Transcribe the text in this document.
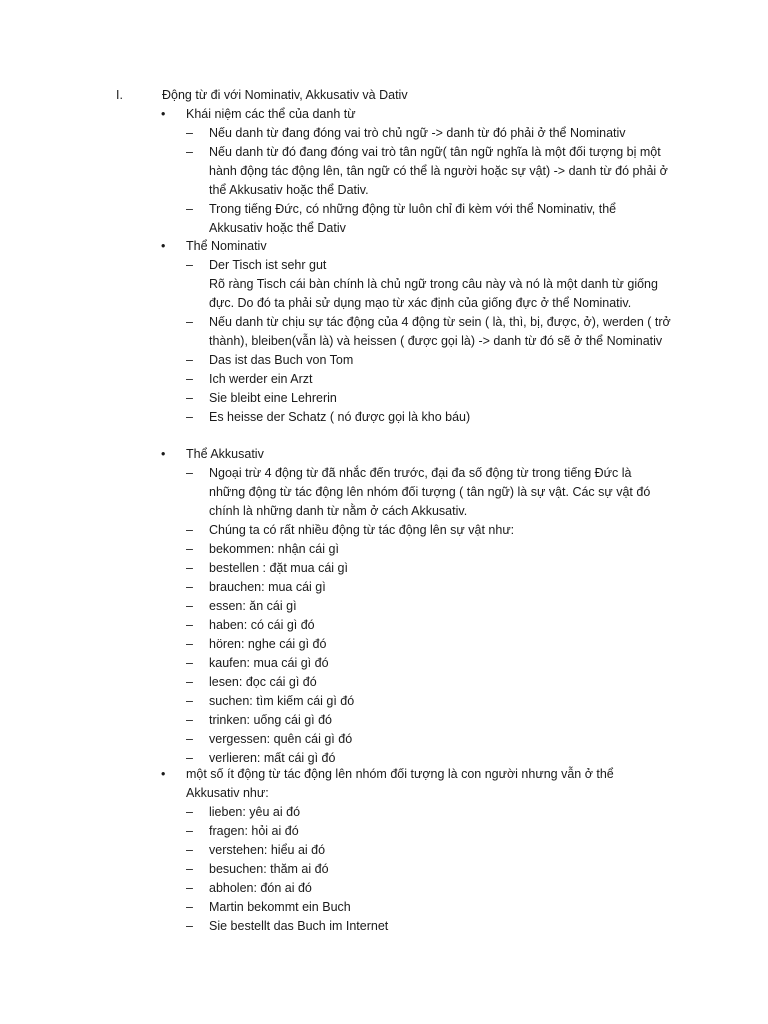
I.	Động từ đi với Nominativ, Akkusativ và Dativ
•	Khái niệm các thể của danh từ
–	Nếu danh từ đang đóng vai trò chủ ngữ -> danh từ đó phải ở thể Nominativ
–	Nếu danh từ đó đang đóng vai trò tân ngữ( tân ngữ nghĩa là một đối tượng bị một hành động tác động lên, tân ngữ có thể là người hoặc sự vật) -> danh từ đó phải ở thể Akkusativ hoặc thể Dativ.
–	Trong tiếng Đức, có những động từ luôn chỉ đi kèm với thể Nominativ, thể Akkusativ hoặc thể Dativ
•	Thể Nominativ
–	Der Tisch ist sehr gut
Rõ ràng Tisch cái bàn chính là chủ ngữ trong câu này và nó là một danh từ giống đực. Do đó ta phải sử dụng mạo từ xác định của giống đực ở thể Nominativ.
–	Nếu danh từ chịu sự tác động của 4 động từ sein ( là, thì, bị, được, ở), werden ( trở thành), bleiben(vẫn là) và heissen ( được gọi là) -> danh từ đó sẽ ở thể Nominativ
–	Das ist das Buch von Tom
–	Ich werder ein Arzt
–	Sie bleibt eine Lehrerin
–	Es heisse der Schatz ( nó được gọi là kho báu)
•	Thể Akkusativ
–	Ngoại trừ 4 động từ đã nhắc đến trước, đại đa số động từ trong tiếng Đức là những động từ tác động lên nhóm đối tượng ( tân ngữ) là sự vật. Các sự vật đó chính là những danh từ nằm ở cách Akkusativ.
–	Chúng ta có rất nhiều động từ tác động lên sự vật như:
–	bekommen: nhận cái gì
–	bestellen : đặt mua cái gì
–	brauchen: mua cái gì
–	essen: ăn cái gì
–	haben: có cái gì đó
–	hören: nghe cái gì đó
–	kaufen: mua cái gì đó
–	lesen: đọc cái gì đó
–	suchen: tìm kiếm cái gì đó
–	trinken: uống cái gì đó
–	vergessen: quên cái gì đó
–	verlieren: mất cái gì đó
•	một số ít động từ tác động lên nhóm đối tượng là con người nhưng vẫn ở thể Akkusativ như:
–	lieben: yêu ai đó
–	fragen: hỏi ai đó
–	verstehen: hiểu ai đó
–	besuchen: thăm ai đó
–	abholen: đón ai đó
–	Martin bekommt ein Buch
–	Sie bestellt das Buch im Internet
